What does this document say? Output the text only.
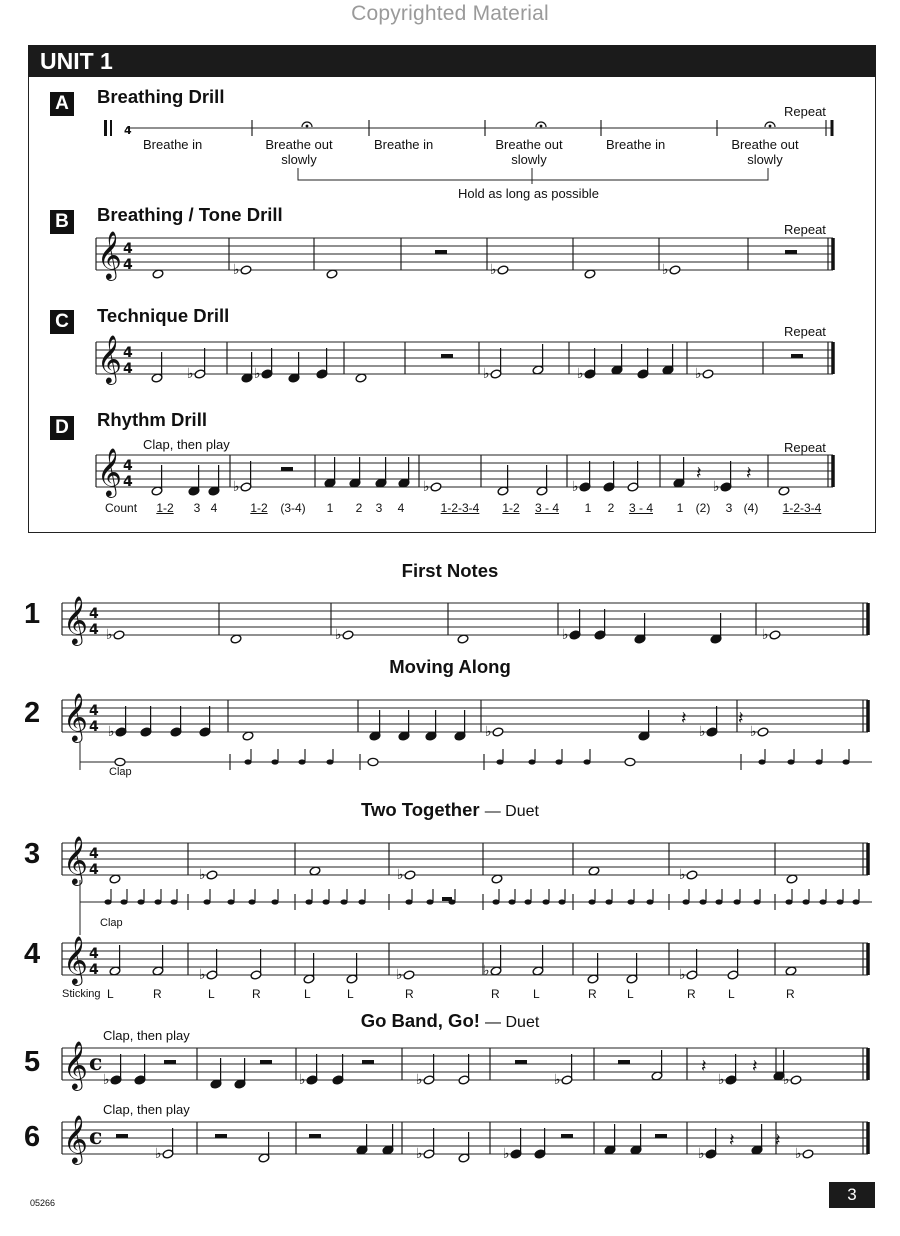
Copyrighted Material
UNIT 1
A Breathing Drill
B Breathing / Tone Drill
C Technique Drill
D Rhythm Drill
Repeat
Repeat
Repeat
Repeat
Breathe in	Breathe out slowly
Breathe in	Breathe out slowly
Breathe in	Breathe out slowly
Hold as long as possible
Clap, then play
Count	1-2	3 4	1-2	(3-4)	1	2	3	4	1-2-3-4	1-2	3 - 4	1	2	3 - 4	1	(2)	3 (4)	1-2-3-4
First Notes
Moving Along
Two Together — Duet
Go Band, Go! — Duet
1
2
3
4
5
6
Clap
Clap
Clap, then play
Clap, then play
Sticking L	R	L	R	L	L	R	R	L	R	L	R	L	R
4
𝄞 4
4	♭	♭	♭
𝄞 4
4	♭	♭	♭	♭	♭
𝄞 4
4	♭	♭	♭
𝄽
♭
𝄽
𝄞 4
4 ♭	♭	♭	♭
𝄞 4
4 ♭	♭
𝄽
♭
𝄽
♭
𝄞 4
4	♭	♭	♭
𝄞 4
4	♭	♭	♭	♭
𝄞 c
♭	♭	♭	♭
𝄽
♭
𝄽
♭
𝄞 c
♭	♭	♭	♭
𝄽 𝄽
♭
05266	3
